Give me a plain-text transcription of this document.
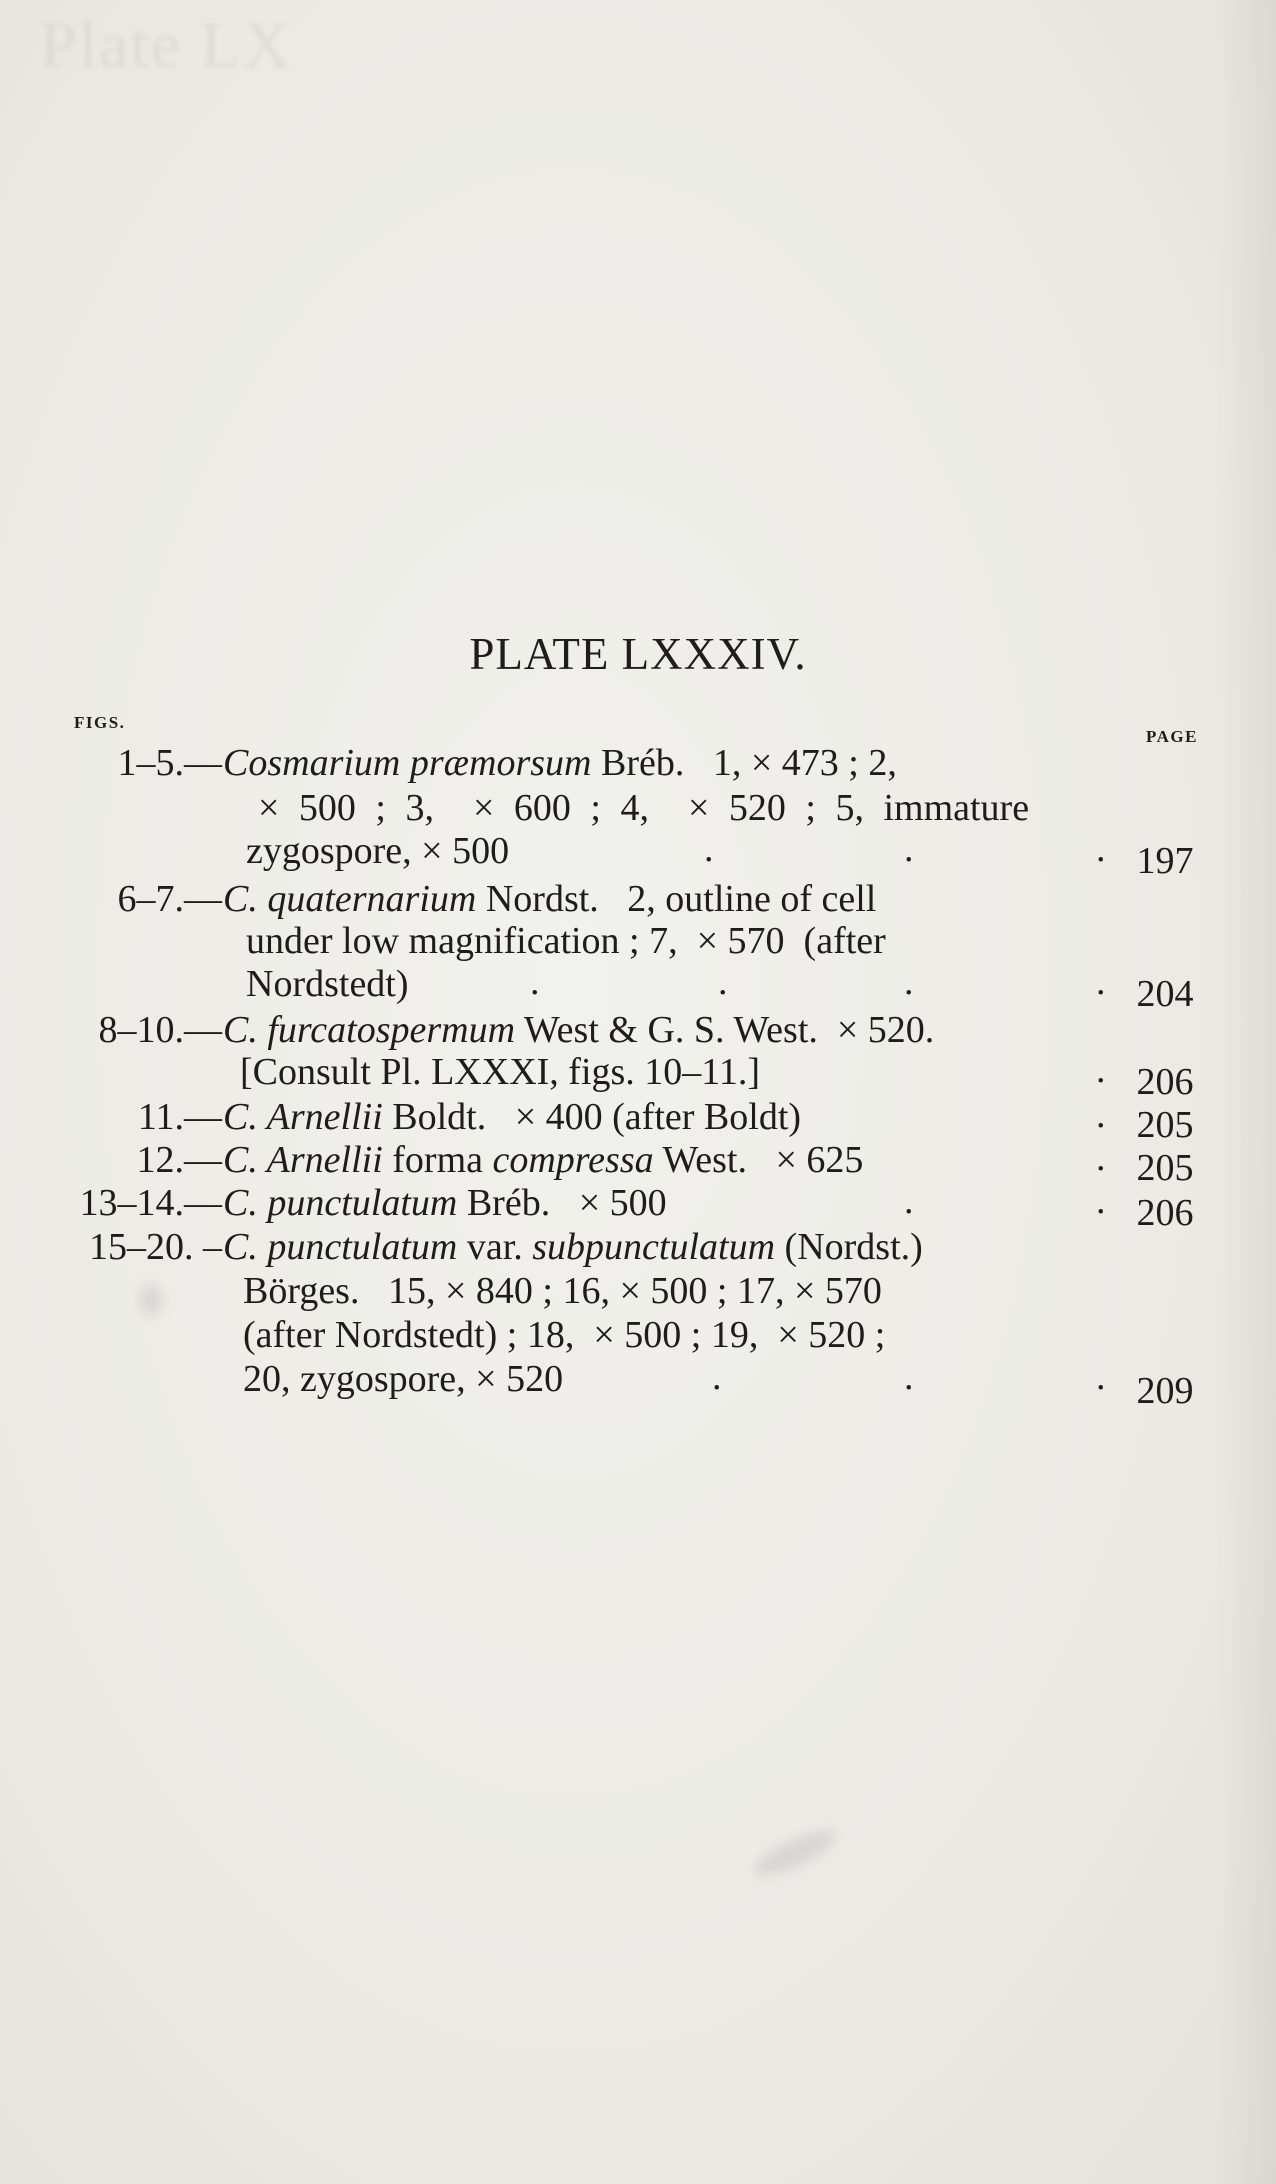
Plate LX
PLATE LXXXIV.
FIGS.
PAGE
1–5.— Cosmarium præmorsum Bréb.   1, × 473 ; 2,
× 500 ; 3,  × 600 ; 4,  × 520 ; 5, immature
zygospore, × 500	.	.	. 197
6–7.— C. quaternarium Nordst.   2, outline of cell
under low magnification ; 7,  × 570  (after
Nordstedt)	.	.	.	. 204
8–10.— C. furcatospermum West & G. S. West.  × 520.
[Consult Pl. LXXXI, figs. 10–11.]	. 206
11.— C. Arnellii Boldt.   × 400 (after Boldt)	. 205
12.— C. Arnellii forma compressa West.   × 625	. 205
13–14.— C. punctulatum Bréb.   × 500	.	. 206
15–20. – C. punctulatum var. subpunctulatum (Nordst.)
Börges.   15, × 840 ; 16, × 500 ; 17, × 570
(after Nordstedt) ; 18,  × 500 ; 19,  × 520 ;
20, zygospore, × 520	.	.	. 209
